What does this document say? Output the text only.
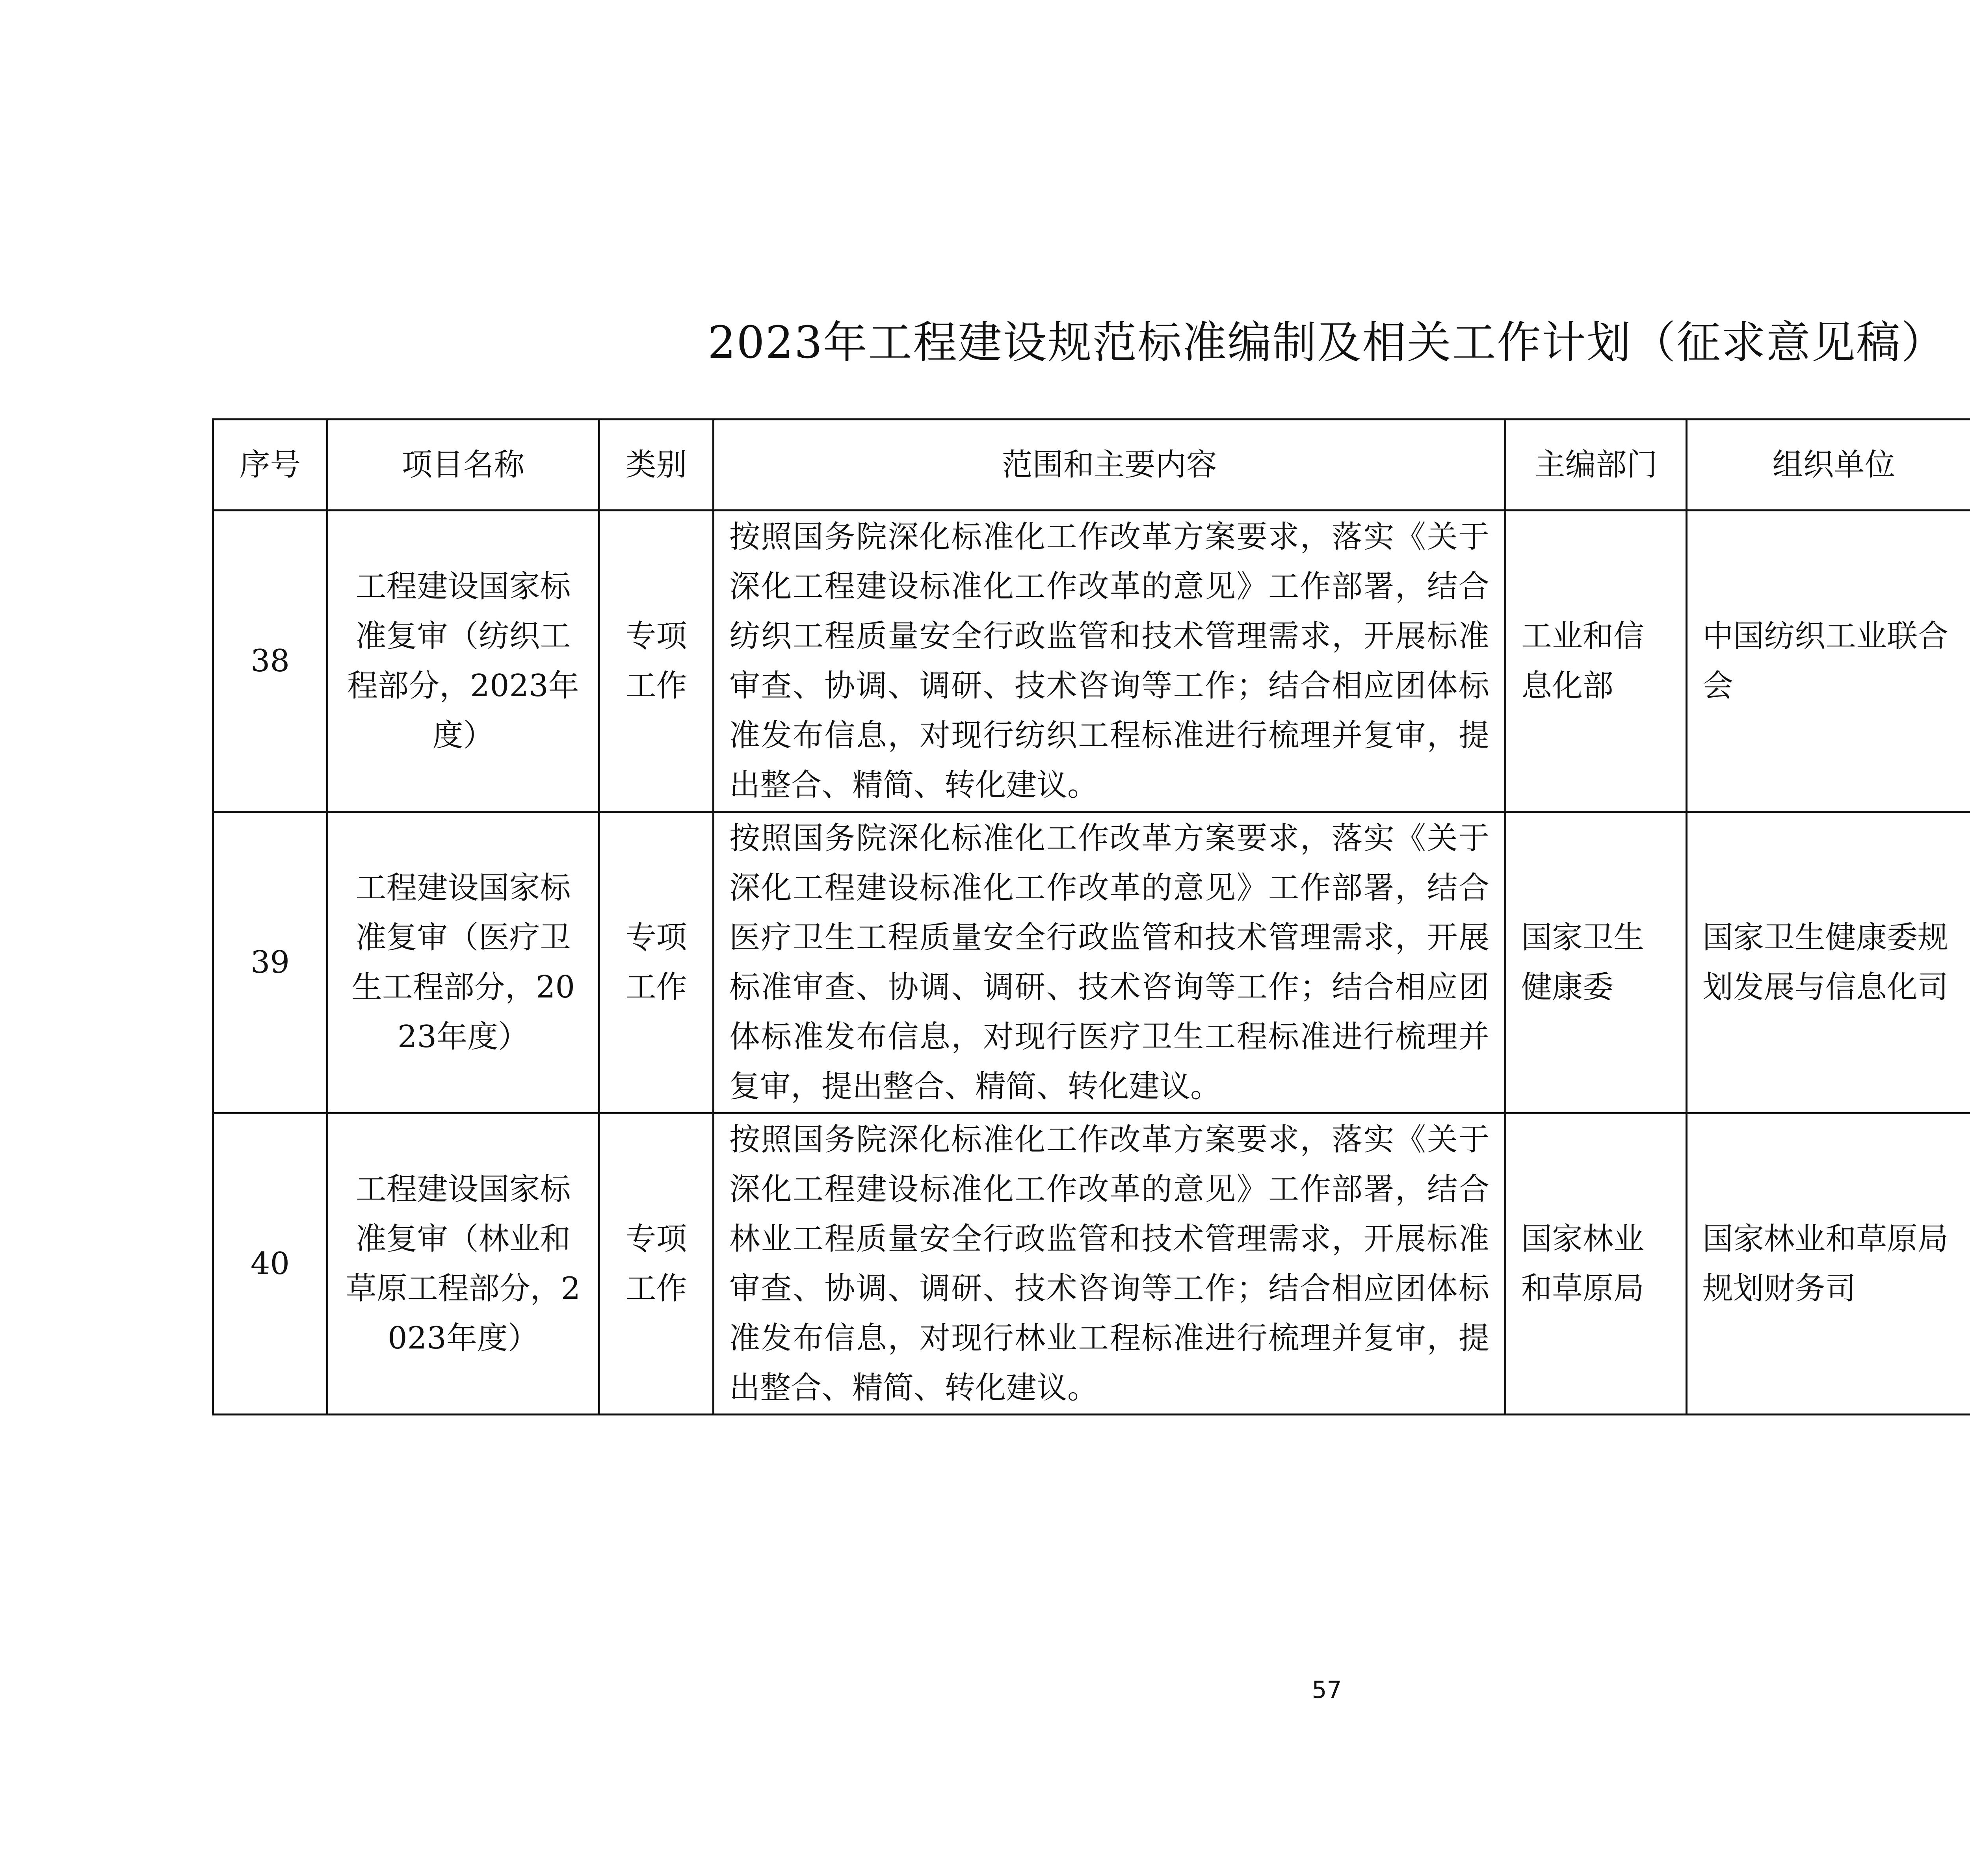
2023年工程建设规范标准编制及相关工作计划（征求意见稿）
序号	项目名称	类别	范围和主要内容	主编部门	组织单位		
38	工程建设国家标准复审（纺织工程部分，2023年度）	专项工作	按照国务院深化标准化工作改革方案要求，落实《关于深化工程建设标准化工作改革的意见》工作部署，结合纺织工程质量安全行政监管和技术管理需求，开展标准审查、协调、调研、技术咨询等工作；结合相应团体标准发布信息，对现行纺织工程标准进行梳理并复审，提出整合、精简、转化建议。	工业和信息化部	中国纺织工业联合会		
39	工程建设国家标准复审（医疗卫生工程部分，2023年度）	专项工作	按照国务院深化标准化工作改革方案要求，落实《关于深化工程建设标准化工作改革的意见》工作部署，结合医疗卫生工程质量安全行政监管和技术管理需求，开展标准审查、协调、调研、技术咨询等工作；结合相应团体标准发布信息，对现行医疗卫生工程标准进行梳理并复审，提出整合、精简、转化建议。	国家卫生健康委	国家卫生健康委规划发展与信息化司		
40	工程建设国家标准复审（林业和草原工程部分，2023年度）	专项工作	按照国务院深化标准化工作改革方案要求，落实《关于深化工程建设标准化工作改革的意见》工作部署，结合林业工程质量安全行政监管和技术管理需求，开展标准审查、协调、调研、技术咨询等工作；结合相应团体标准发布信息，对现行林业工程标准进行梳理并复审，提出整合、精简、转化建议。	国家林业和草原局	国家林业和草原局规划财务司		
57
